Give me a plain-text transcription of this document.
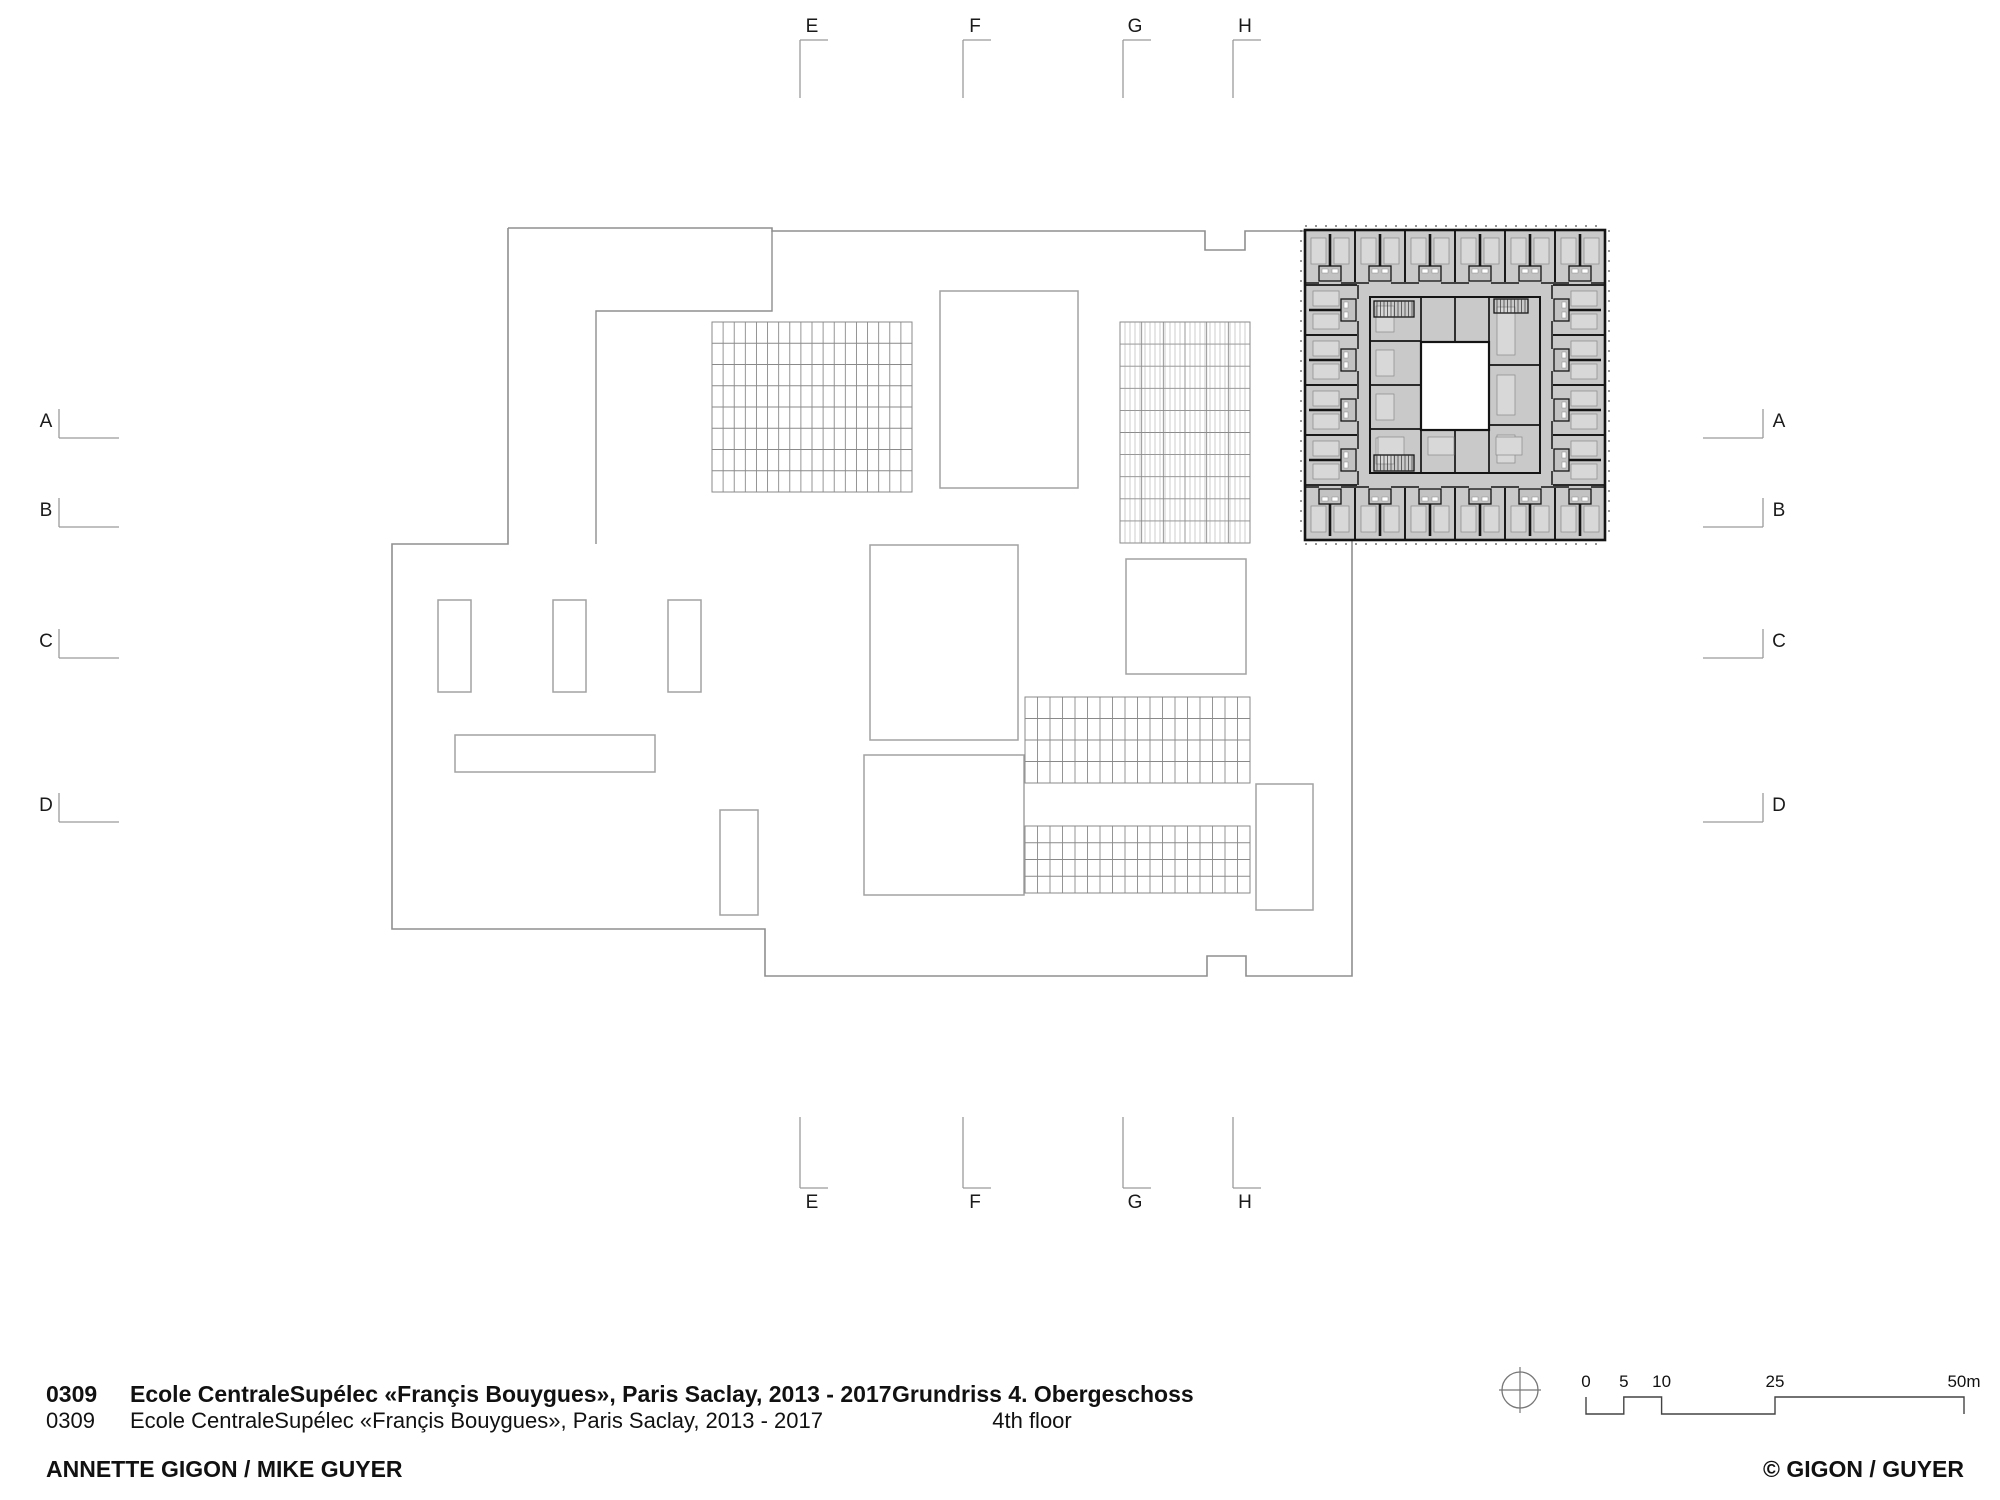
0309 Ecole CentraleSupélec «Françis Bouygues», Paris Saclay, 2013 - 2017
0309 Ecole CentraleSupélec «Françis Bouygues», Paris Saclay, 2013 - 2017
Grundriss 4. Obergeschoss
4th floor
ANNETTE GIGON / MIKE GUYER	© GIGON / GUYER
E	F	G	H
E	F	G	H
A
B
C
D
A
B
C
D
0 5 10	25	50m
